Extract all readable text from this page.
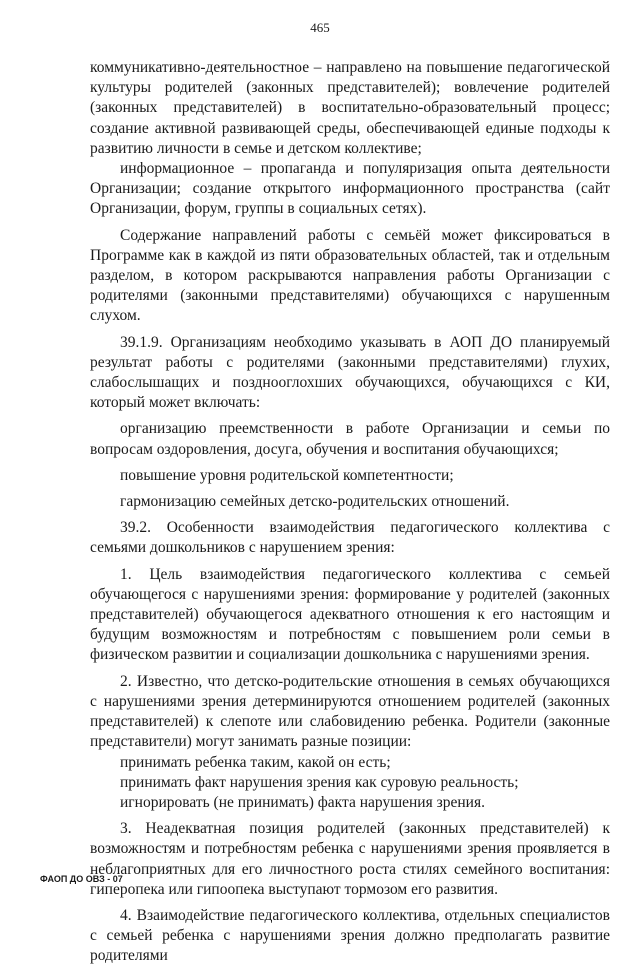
465

коммуникативно-деятельностное – направлено на повышение педагогической культуры родителей (законных представителей); вовлечение родителей (законных представителей) в воспитательно-образовательный процесс; создание активной развивающей среды, обеспечивающей единые подходы к развитию личности в семье и детском коллективе;

информационное – пропаганда и популяризация опыта деятельности Организации; создание открытого информационного пространства (сайт Организации, форум, группы в социальных сетях).

Содержание направлений работы с семьёй может фиксироваться в Программе как в каждой из пяти образовательных областей, так и отдельным разделом, в котором раскрываются направления работы Организации с родителями (законными представителями) обучающихся с нарушенным слухом.

39.1.9. Организациям необходимо указывать в АОП ДО планируемый результат работы с родителями (законными представителями) глухих, слабослышащих и позднооглохших обучающихся, обучающихся с КИ, который может включать:

организацию преемственности в работе Организации и семьи по вопросам оздоровления, досуга, обучения и воспитания обучающихся;

повышение уровня родительской компетентности;

гармонизацию семейных детско-родительских отношений.

39.2. Особенности взаимодействия педагогического коллектива с семьями дошкольников с нарушением зрения:

1. Цель взаимодействия педагогического коллектива с семьей обучающегося с нарушениями зрения: формирование у родителей (законных представителей) обучающегося адекватного отношения к его настоящим и будущим возможностям и потребностям с повышением роли семьи в физическом развитии и социализации дошкольника с нарушениями зрения.

2. Известно, что детско-родительские отношения в семьях обучающихся с нарушениями зрения детерминируются отношением родителей (законных представителей) к слепоте или слабовидению ребенка. Родители (законные представители) могут занимать разные позиции:

принимать ребенка таким, какой он есть;

принимать факт нарушения зрения как суровую реальность;

игнорировать (не принимать) факта нарушения зрения.

3. Неадекватная позиция родителей (законных представителей) к возможностям и потребностям ребенка с нарушениями зрения проявляется в неблагоприятных для его личностного роста стилях семейного воспитания: гиперопека или гипоопека выступают тормозом его развития.

4. Взаимодействие педагогического коллектива, отдельных специалистов с семьей ребенка с нарушениями зрения должно предполагать развитие родителями

ФАОП ДО ОВЗ - 07
